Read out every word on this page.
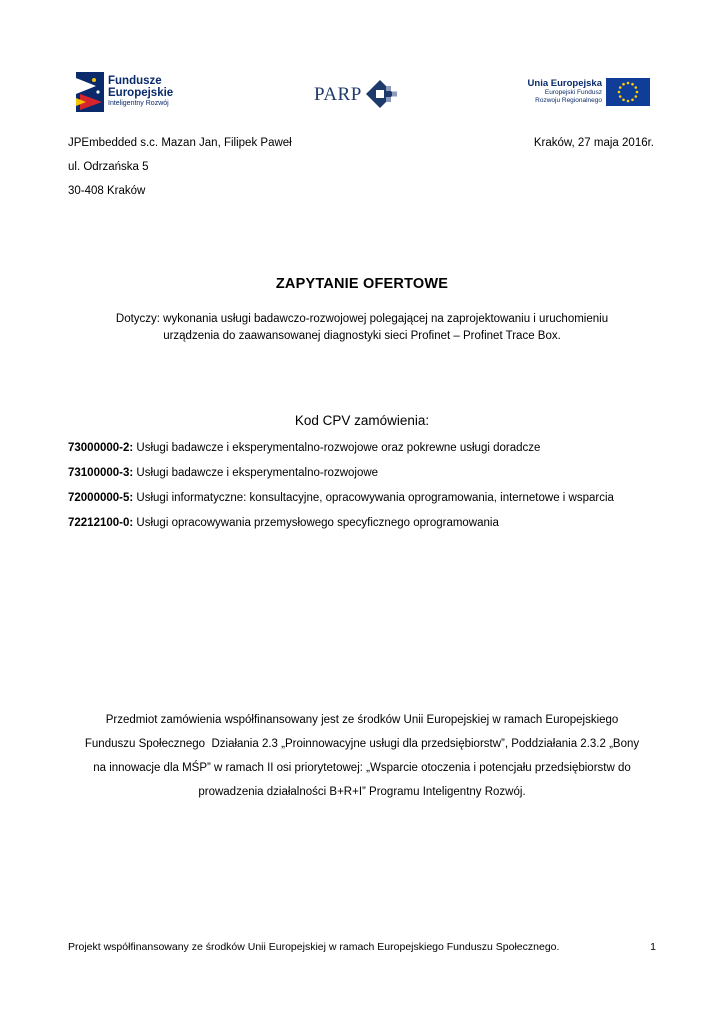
Fundusze
Europejskie
Inteligentny Rozwój	PARP
Unia Europejska
Europejski Fundusz
Rozwoju Regionalnego
JPEmbedded s.c. Mazan Jan, Filipek Paweł
ul. Odrzańska 5
30-408 Kraków
Kraków, 27 maja 2016r.
ZAPYTANIE OFERTOWE
Dotyczy: wykonania usługi badawczo-rozwojowej polegającej na zaprojektowaniu i uruchomieniu
urządzenia do zaawansowanej diagnostyki sieci Profinet – Profinet Trace Box.
Kod CPV zamówienia:
73000000-2: Usługi badawcze i eksperymentalno-rozwojowe oraz pokrewne usługi doradcze
73100000-3: Usługi badawcze i eksperymentalno-rozwojowe
72000000-5: Usługi informatyczne: konsultacyjne, opracowywania oprogramowania, internetowe i wsparcia
72212100-0: Usługi opracowywania przemysłowego specyficznego oprogramowania
Przedmiot zamówienia współfinansowany jest ze środków Unii Europejskiej w ramach Europejskiego
Funduszu Społecznego  Działania 2.3 „Proinnowacyjne usługi dla przedsiębiorstw”, Poddziałania 2.3.2 „Bony
na innowacje dla MŚP” w ramach II osi priorytetowej: „Wsparcie otoczenia i potencjału przedsiębiorstw do
prowadzenia działalności B+R+I” Programu Inteligentny Rozwój.
Projekt współfinansowany ze środków Unii Europejskiej w ramach Europejskiego Funduszu Społecznego.	1
